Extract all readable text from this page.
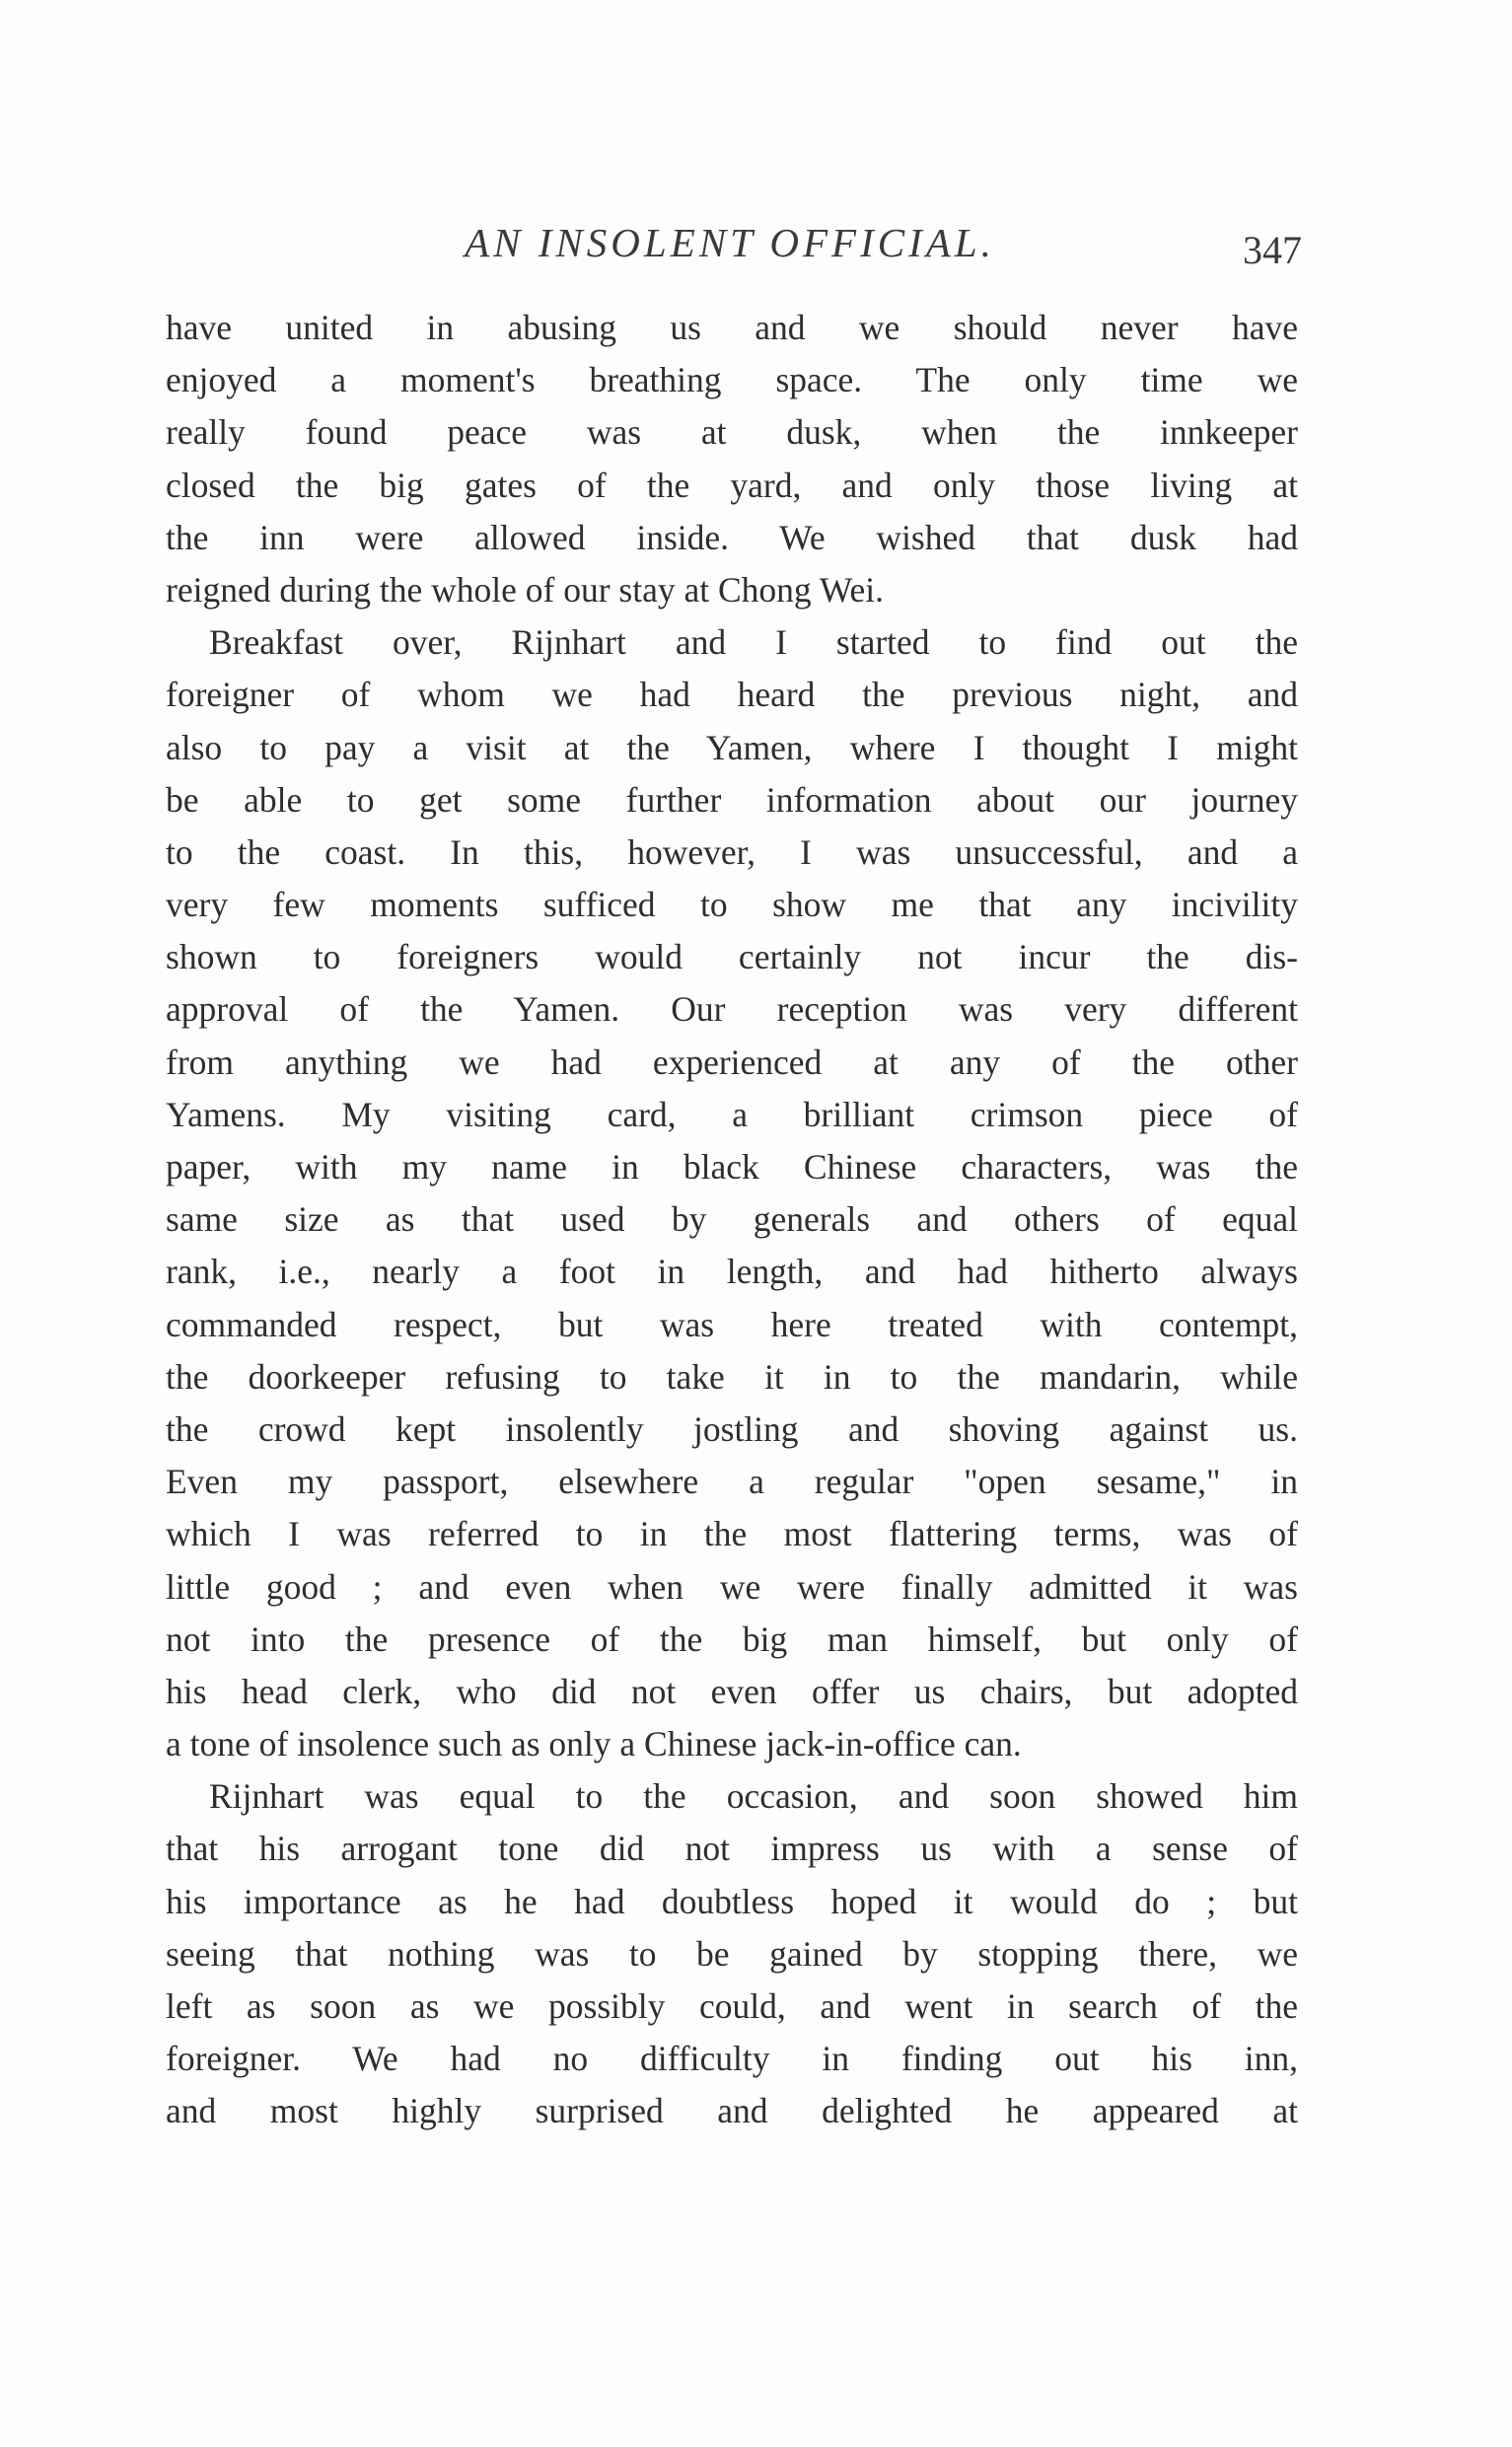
AN INSOLENT OFFICIAL.	347
have united in abusing us and we should never have
enjoyed a moment's breathing space. The only time we
really found peace was at dusk, when the innkeeper
closed the big gates of the yard, and only those living at
the inn were allowed inside. We wished that dusk had
reigned during the whole of our stay at Chong Wei.
Breakfast over, Rijnhart and I started to find out the
foreigner of whom we had heard the previous night, and
also to pay a visit at the Yamen, where I thought I might
be able to get some further information about our journey
to the coast. In this, however, I was unsuccessful, and a
very few moments sufficed to show me that any incivility
shown to foreigners would certainly not incur the dis-
approval of the Yamen. Our reception was very different
from anything we had experienced at any of the other
Yamens. My visiting card, a brilliant crimson piece of
paper, with my name in black Chinese characters, was the
same size as that used by generals and others of equal
rank, i.e., nearly a foot in length, and had hitherto always
commanded respect, but was here treated with contempt,
the doorkeeper refusing to take it in to the mandarin, while
the crowd kept insolently jostling and shoving against us.
Even my passport, elsewhere a regular "open sesame," in
which I was referred to in the most flattering terms, was of
little good ; and even when we were finally admitted it was
not into the presence of the big man himself, but only of
his head clerk, who did not even offer us chairs, but adopted
a tone of insolence such as only a Chinese jack-in-office can.
Rijnhart was equal to the occasion, and soon showed him
that his arrogant tone did not impress us with a sense of
his importance as he had doubtless hoped it would do ; but
seeing that nothing was to be gained by stopping there, we
left as soon as we possibly could, and went in search of the
foreigner. We had no difficulty in finding out his inn,
and most highly surprised and delighted he appeared at
